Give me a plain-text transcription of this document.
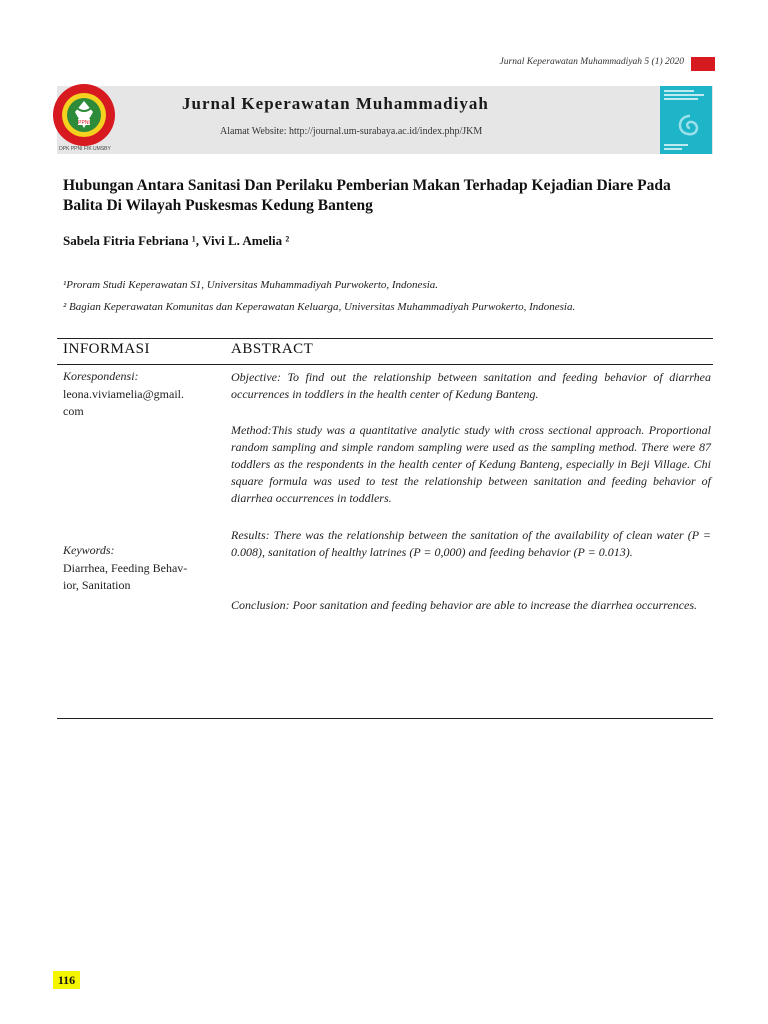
Jurnal Keperawatan Muhammadiyah 5 (1) 2020
PPNI
DPK PPNI FIK UMSBY
Jurnal Keperawatan Muhammadiyah
Alamat Website: http://journal.um-surabaya.ac.id/index.php/JKM
Hubungan Antara Sanitasi Dan Perilaku Pemberian Makan Terhadap Kejadian Diare Pada Balita Di Wilayah Puskesmas Kedung Banteng
Sabela Fitria Febriana ¹, Vivi L. Amelia ²
¹Proram Studi Keperawatan S1, Universitas Muhammadiyah Purwokerto, Indonesia.
² Bagian Keperawatan Komunitas dan Keperawatan Keluarga, Universitas Muhammadiyah Purwokerto, Indonesia.
INFORMASI	ABSTRACT
Korespondensi:
leona.viviamelia@gmail.
com
Keywords:
Diarrhea, Feeding Behav-
ior, Sanitation
Objective: To find out the relationship between sanitation and feeding behavior of diarrhea occurrences in toddlers in the health center of Kedung Banteng.
Method:This study was a quantitative analytic study with cross sectional approach. Proportional random sampling and simple random sampling were used as the sampling method. There were 87 toddlers as the respondents in the health center of Kedung Banteng, especially in Beji Village. Chi square formula was used to test the relationship between sanitation and feeding behavior of diarrhea occurrences in toddlers.
Results: There was the relationship between the sanitation of the availability of clean water (P = 0.008), sanitation of healthy latrines (P = 0,000) and feeding behavior (P = 0.013).
Conclusion: Poor sanitation and feeding behavior are able to increase the diarrhea occurrences.
116
